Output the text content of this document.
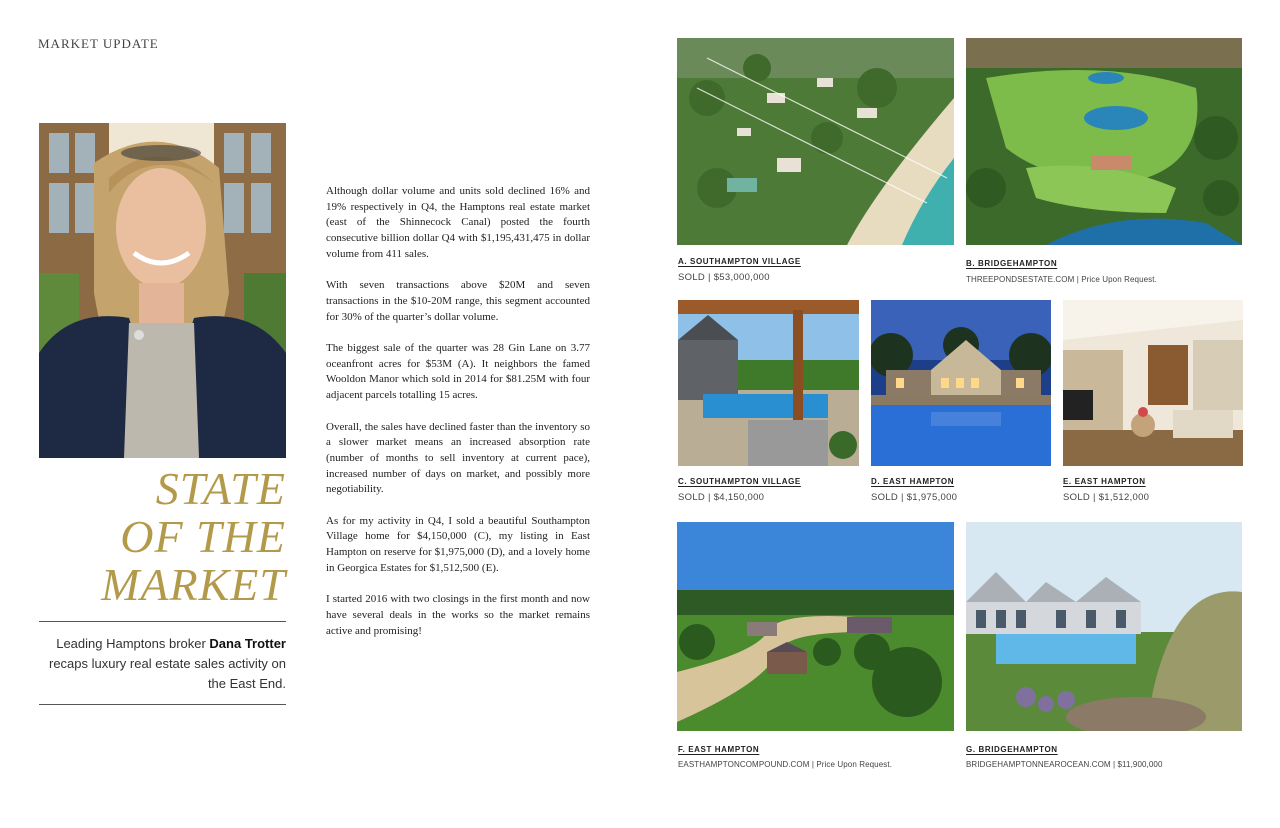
MARKET UPDATE
STATE
OF THE
MARKET
Leading Hamptons broker Dana Trotter recaps luxury real estate sales activity on the East End.

Although dollar volume and units sold declined 16% and 19% respectively in Q4, the Hamptons real estate market (east of the Shinnecock Canal) posted the fourth consecutive billion dollar Q4 with $1,195,431,475 in dollar volume from 411 sales.

With seven transactions above $20M and seven transactions in the $10-20M range, this segment accounted for 30% of the quarter’s dollar volume.

The biggest sale of the quarter was 28 Gin Lane on 3.77 oceanfront acres for $53M (A). It neighbors the famed Wooldon Manor which sold in 2014 for $81.25M with four adjacent parcels totalling 15 acres.

Overall, the sales have declined faster than the inventory so a slower market means an increased absorption rate (number of months to sell inventory at current pace), increased number of days on market, and possibly more negotiability.

As for my activity in Q4, I sold a beautiful Southampton Village home for $4,150,000 (C), my listing in East Hampton on reserve for $1,975,000 (D), and a lovely home in Georgica Estates for $1,512,500 (E).

I started 2016 with two closings in the first month and now have several deals in the works so the market remains active and promising!

A. SOUTHAMPTON VILLAGE
SOLD | $53,000,000
B. BRIDGEHAMPTON
THREEPONDSESTATE.COM | Price Upon Request.
C. SOUTHAMPTON VILLAGE
SOLD | $4,150,000
D. EAST HAMPTON
SOLD | $1,975,000
E. EAST HAMPTON
SOLD | $1,512,000
F. EAST HAMPTON
EASTHAMPTONCOMPOUND.COM | Price Upon Request.
G. BRIDGEHAMPTON
BRIDGEHAMPTONNEAROCEAN.COM | $11,900,000
